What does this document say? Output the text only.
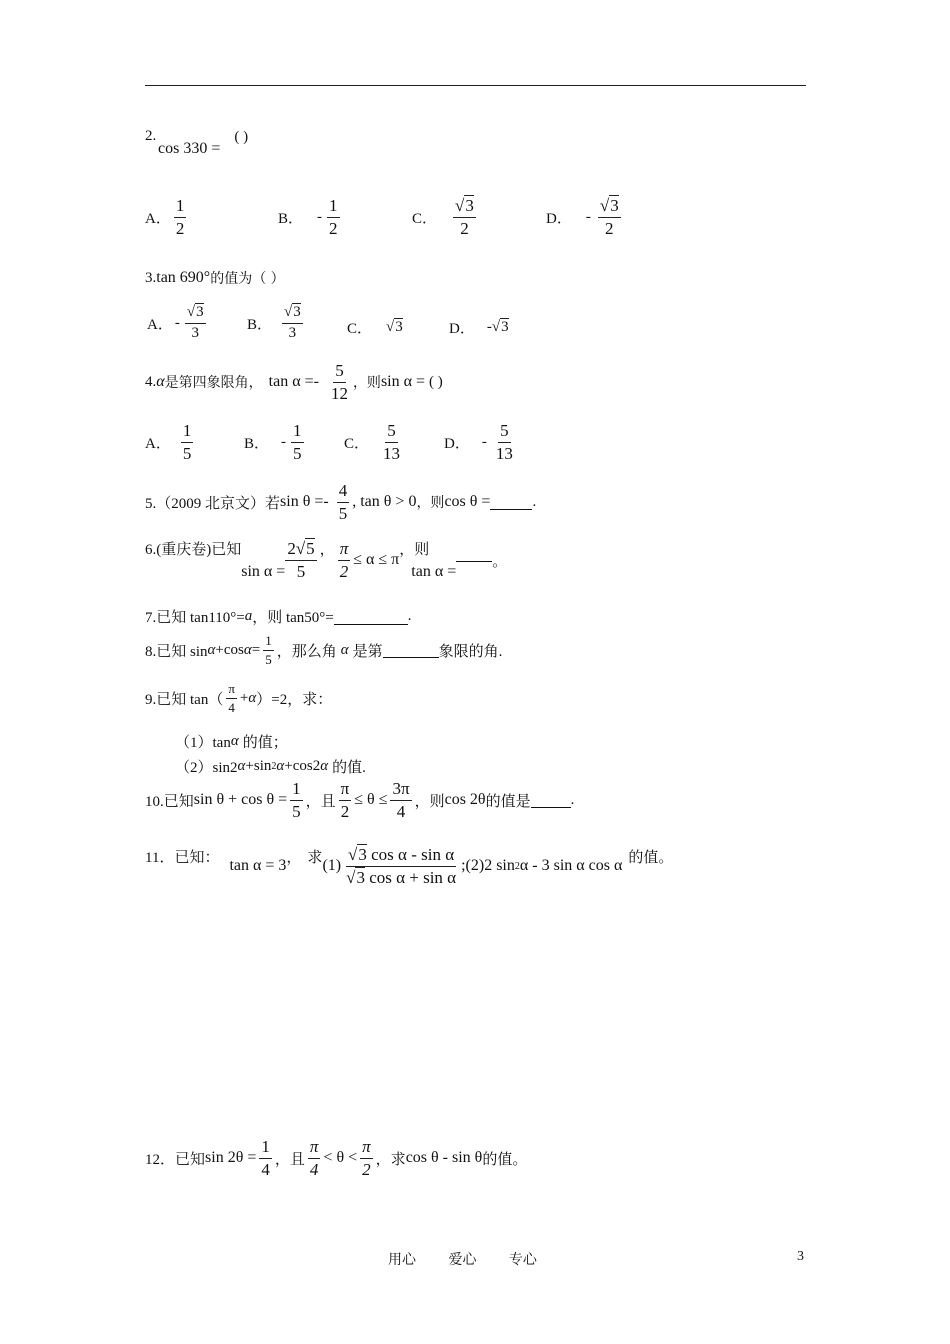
2.
cos 330 =
( )
A． $\frac{1}{2}$	B． - $\frac{1}{2}$	C． $\frac{√3}{2}$	D． - $\frac{√3}{2}$
3. tan 690° 的值为（ ）
A． - $\frac{√3}{3}$	B． $\frac{√3}{3}$	C． √3	D． - √3
4. α 是第四象限角， $\tan \alpha =- \frac{5}{12}$ ，则 sin α = ( )
A． $\frac{1}{5}$	B． - $\frac{1}{5}$	C． $\frac{5}{13}$	D． - $\frac{5}{13}$
5.（2009 北京文）若 $\sin \theta =- \frac{4}{5}$ , tan θ > 0 ，则 cos θ =	.
6.(重庆卷)已知
$\sin \alpha = \frac{2√5}{5}$ ， $\frac{\pi}{2} \le \alpha \le \pi$
，则
tan α =
。
7.已知 tan110°= a ，则 tan50°=	.
8.已知 sin α +cos $\alpha = \frac{1}{5}$ ，那么角 α 是第	象限的角.
9.已知 $\tan( \frac{\pi}{4} + \alpha$ ）=2，求：
（1）tan α 的值；
（2）sin2 α +sin 2 α +cos2 α 的值.
10.已知 $\sin \theta + \cos \theta = \frac{1}{5}$ ，且 $\frac{\pi}{2} \le \theta \le \frac{3\pi}{4}$ ，则 cos 2θ 的值是	.
11．已知： tan α = 3 ， 求 $(1) \frac{\text{√3 cos α - sin α}}{\text{√3 cos α + sin α}}$ ; (2) 2 sin 2 α - 3 sin α cos α 的值。
12．已知 $\sin 2\theta = \frac{1}{4}$ ，且 $\frac{\pi}{4} < \theta < \frac{\pi}{2}$ ，求 cos θ - sin θ 的值。
用心 爱心 专心	3
